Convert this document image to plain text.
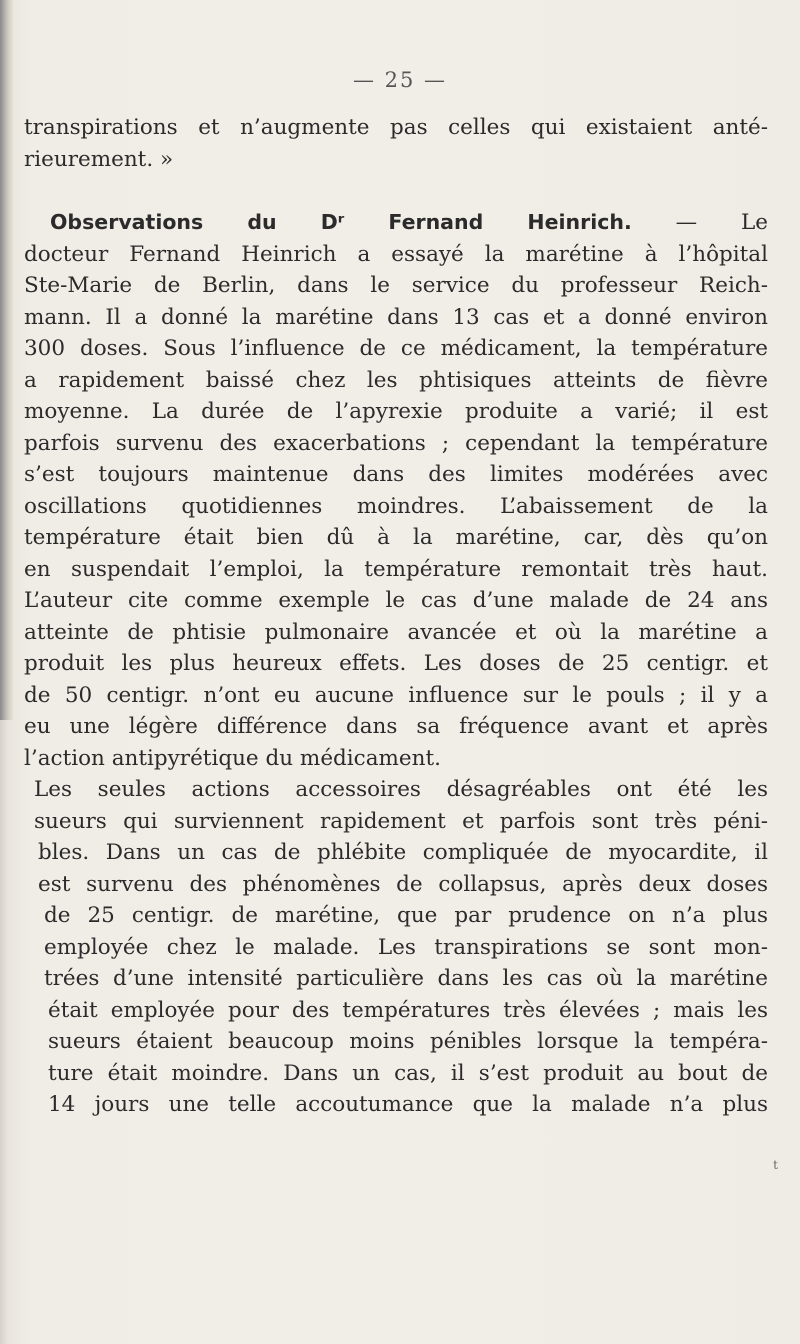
— 25 —
transpirations et n’augmente pas celles qui existaient anté-
rieurement. »
Observations du Dʳ Fernand Heinrich. — Le
docteur Fernand Heinrich a essayé la marétine à l’hôpital
Ste-Marie de Berlin, dans le service du professeur Reich-
mann. Il a donné la marétine dans 13 cas et a donné environ
300 doses. Sous l’influence de ce médicament, la température
a rapidement baissé chez les phtisiques atteints de fièvre
moyenne. La durée de l’apyrexie produite a varié; il est
parfois survenu des exacerbations ; cependant la température
s’est toujours maintenue dans des limites modérées avec
oscillations quotidiennes moindres. L’abaissement de la
température était bien dû à la marétine, car, dès qu’on
en suspendait l’emploi, la température remontait très haut.
L’auteur cite comme exemple le cas d’une malade de 24 ans
atteinte de phtisie pulmonaire avancée et où la marétine a
produit les plus heureux effets. Les doses de 25 centigr. et
de 50 centigr. n’ont eu aucune influence sur le pouls ; il y a
eu une légère différence dans sa fréquence avant et après
l’action antipyrétique du médicament.
Les seules actions accessoires désagréables ont été les
sueurs qui surviennent rapidement et parfois sont très péni-
bles. Dans un cas de phlébite compliquée de myocardite, il
est survenu des phénomènes de collapsus, après deux doses
de 25 centigr. de marétine, que par prudence on n’a plus
employée chez le malade. Les transpirations se sont mon-
trées d’une intensité particulière dans les cas où la marétine
était employée pour des températures très élevées ; mais les
sueurs étaient beaucoup moins pénibles lorsque la tempéra-
ture était moindre. Dans un cas, il s’est produit au bout de
14 jours une telle accoutumance que la malade n’a plus
t
